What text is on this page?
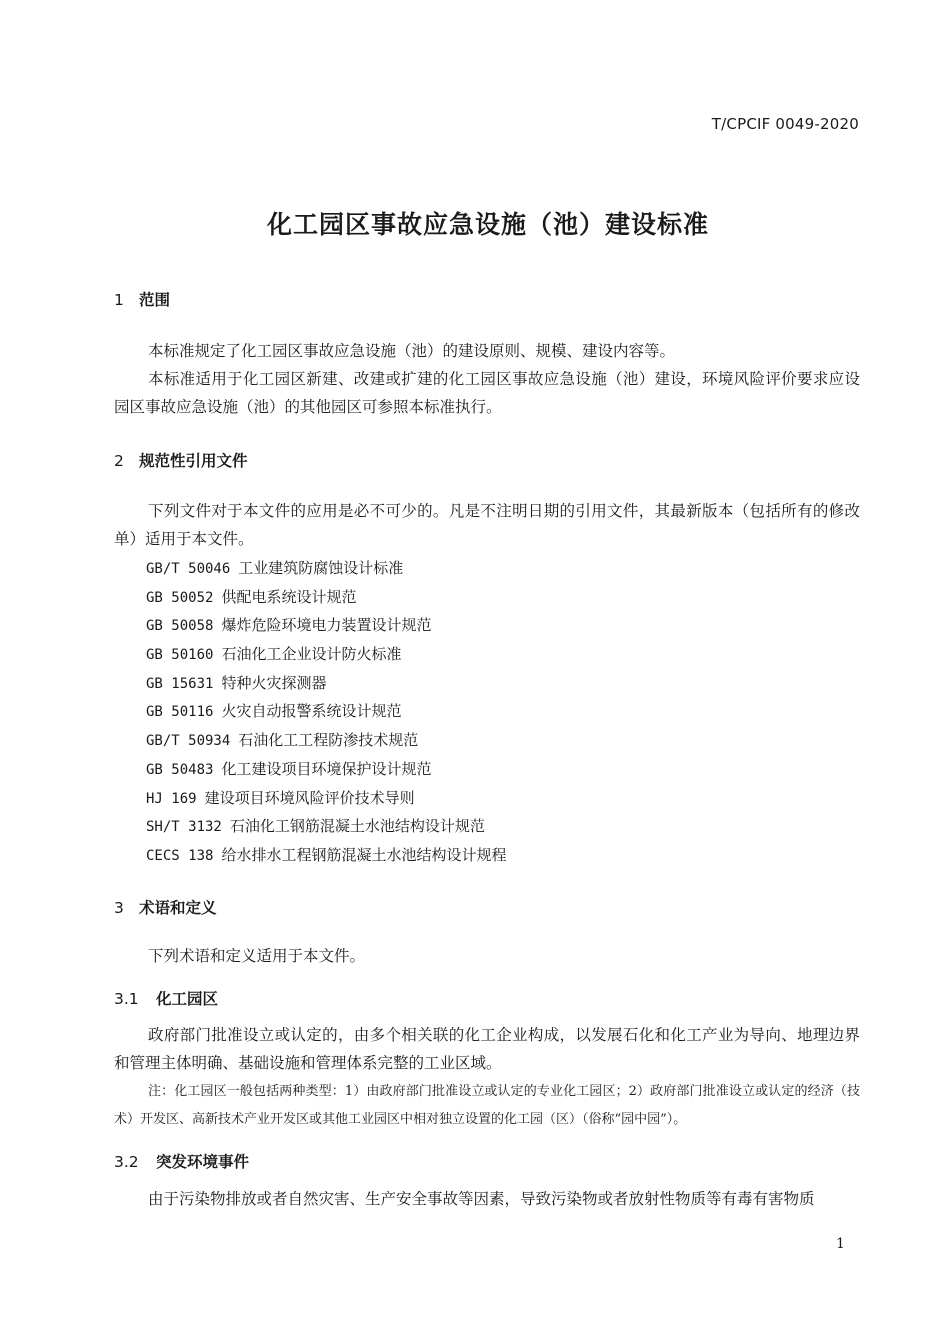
T/CPCIF 0049-2020
化工园区事故应急设施（池）建设标准
1 范围
本标准规定了化工园区事故应急设施（池）的建设原则、规模、建设内容等。
本标准适用于化工园区新建、改建或扩建的化工园区事故应急设施（池）建设，环境风险评价要求应设园区事故应急设施（池）的其他园区可参照本标准执行。
2 规范性引用文件
下列文件对于本文件的应用是必不可少的。凡是不注明日期的引用文件，其最新版本（包括所有的修改单）适用于本文件。
GB/T 50046 工业建筑防腐蚀设计标准
GB 50052 供配电系统设计规范
GB 50058 爆炸危险环境电力装置设计规范
GB 50160 石油化工企业设计防火标准
GB 15631 特种火灾探测器
GB 50116 火灾自动报警系统设计规范
GB/T 50934 石油化工工程防渗技术规范
GB 50483 化工建设项目环境保护设计规范
HJ 169 建设项目环境风险评价技术导则
SH/T 3132 石油化工钢筋混凝土水池结构设计规范
CECS 138 给水排水工程钢筋混凝土水池结构设计规程
3 术语和定义
下列术语和定义适用于本文件。
3.1 化工园区
政府部门批准设立或认定的，由多个相关联的化工企业构成，以发展石化和化工产业为导向、地理边界和管理主体明确、基础设施和管理体系完整的工业区域。
注：化工园区一般包括两种类型：1）由政府部门批准设立或认定的专业化工园区；2）政府部门批准设立或认定的经济（技术）开发区、高新技术产业开发区或其他工业园区中相对独立设置的化工园（区）（俗称“园中园”）。
3.2 突发环境事件
由于污染物排放或者自然灾害、生产安全事故等因素，导致污染物或者放射性物质等有毒有害物质
1
